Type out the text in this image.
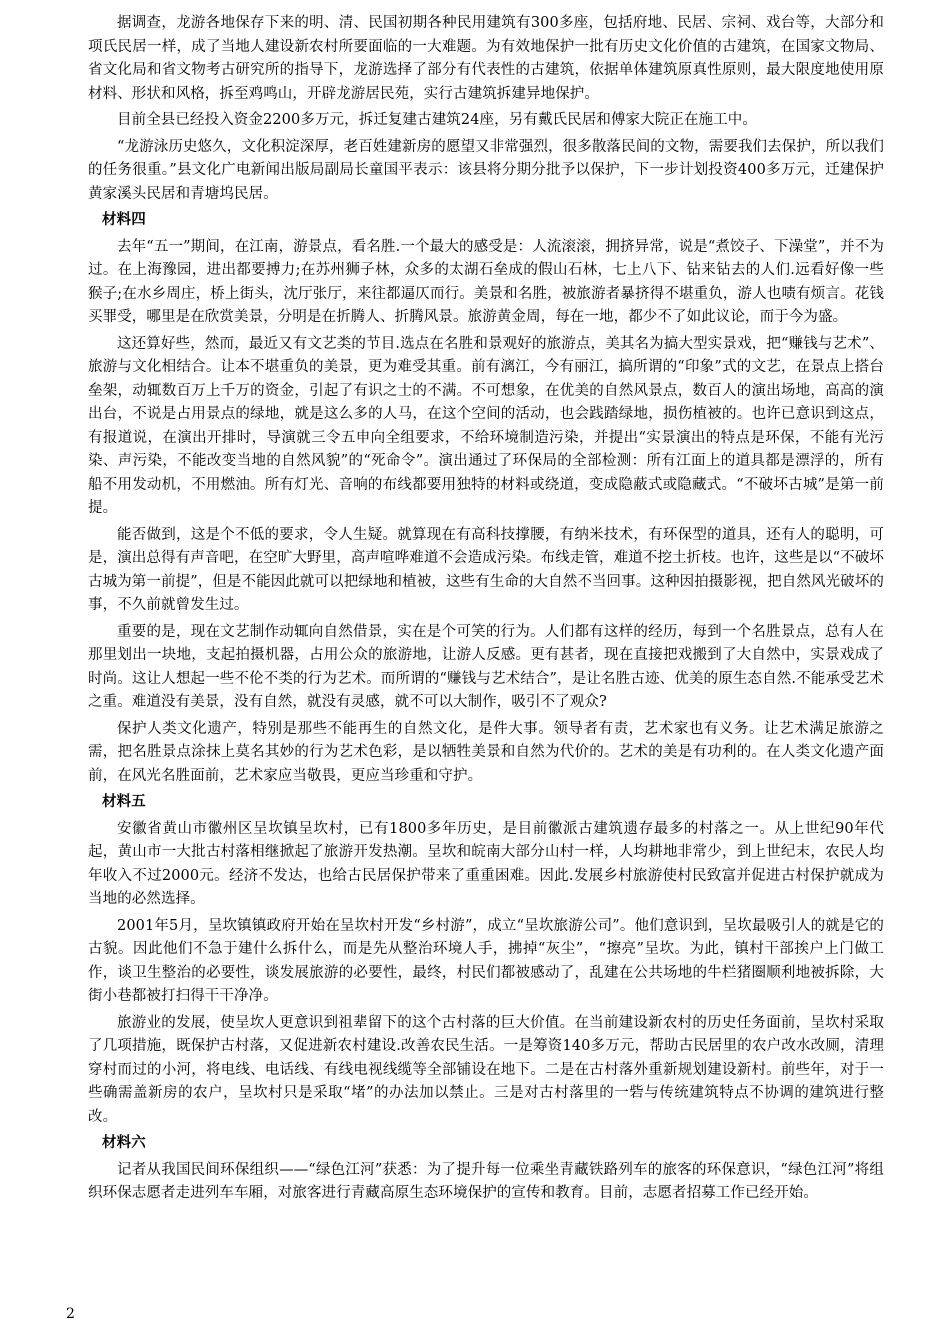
据调查，龙游各地保存下来的明、清、民国初期各种民用建筑有300多座，包括府地、民居、宗祠、戏台等，大部分和项氏民居一样，成了当地人建设新农村所要面临的一大难题。为有效地保护一批有历史文化价值的古建筑，在国家文物局、省文化局和省文物考古研究所的指导下，龙游选择了部分有代表性的古建筑，依据单体建筑原真性原则，最大限度地使用原材料、形状和风格，拆至鸡鸣山，开辟龙游居民苑，实行古建筑拆建异地保护。

目前全县已经投入资金2200多万元，拆迁复建古建筑24座，另有戴氏民居和傅家大院正在施工中。

“龙游泳历史悠久，文化积淀深厚，老百姓建新房的愿望又非常强烈，很多散落民间的文物，需要我们去保护，所以我们的任务很重。”县文化广电新闻出版局副局长童国平表示：该县将分期分批予以保护，下一步计划投资400多万元，迁建保护黄家溪头民居和青塘坞民居。

材料四

去年“五一”期间，在江南，游景点，看名胜.一个最大的感受是：人流滚滚，拥挤异常，说是“煮饺子、下澡堂”，并不为过。在上海豫园，进出都要搏力;在苏州狮子林，众多的太湖石垒成的假山石林，七上八下、钻来钻去的人们.远看好像一些猴子;在水乡周庄，桥上街头，沈厅张厅，来往都逼仄而行。美景和名胜，被旅游者暴挤得不堪重负，游人也啧有烦言。花钱买罪受，哪里是在欣赏美景，分明是在折腾人、折腾风景。旅游黄金周，每在一地，都少不了如此议论，而于今为盛。

这还算好些，然而，最近又有文艺类的节目.选点在名胜和景观好的旅游点，美其名为搞大型实景戏，把“赚钱与艺术”、旅游与文化相结合。让本不堪重负的美景，更为难受其重。前有漓江，今有丽江，搞所谓的“印象”式的文艺，在景点上搭台垒架，动辄数百万上千万的资金，引起了有识之士的不满。不可想象，在优美的自然风景点，数百人的演出场地，高高的演出台，不说是占用景点的绿地，就是这么多的人马，在这个空间的活动，也会践踏绿地，损伤植被的。也许已意识到这点，有报道说，在演出开排时，导演就三令五申向全组要求，不给环境制造污染，并提出“实景演出的特点是环保，不能有光污染、声污染，不能改变当地的自然风貌”的“死命令”。演出通过了环保局的全部检测：所有江面上的道具都是漂浮的，所有船不用发动机，不用燃油。所有灯光、音响的布线都要用独特的材料或绕道，变成隐蔽式或隐藏式。“不破坏古城”是第一前提。

能否做到，这是个不低的要求，令人生疑。就算现在有高科技撑腰，有纳米技术，有环保型的道具，还有人的聪明，可是，演出总得有声音吧，在空旷大野里，高声喧哗难道不会造成污染。布线走管，难道不挖土折枝。也许，这些是以“不破坏古城为第一前提”，但是不能因此就可以把绿地和植被，这些有生命的大自然不当回事。这种因拍摄影视，把自然风光破坏的事，不久前就曾发生过。

重要的是，现在文艺制作动辄向自然借景，实在是个可笑的行为。人们都有这样的经历，每到一个名胜景点，总有人在那里划出一块地，支起拍摄机器，占用公众的旅游地，让游人反感。更有甚者，现在直接把戏搬到了大自然中，实景戏成了时尚。这让人想起一些不伦不类的行为艺术。而所谓的“赚钱与艺术结合”，是让名胜古迹、优美的原生态自然.不能承受艺术之重。难道没有美景，没有自然，就没有灵感，就不可以大制作，吸引不了观众?

保护人类文化遗产，特别是那些不能再生的自然文化，是件大事。领导者有责，艺术家也有义务。让艺术满足旅游之需，把名胜景点涂抹上莫名其妙的行为艺术色彩，是以牺牲美景和自然为代价的。艺术的美是有功利的。在人类文化遗产面前，在风光名胜面前，艺术家应当敬畏，更应当珍重和守护。

材料五

安徽省黄山市徽州区呈坎镇呈坎村，已有1800多年历史，是目前徽派古建筑遗存最多的村落之一。从上世纪90年代起，黄山市一大批古村落相继掀起了旅游开发热潮。呈坎和皖南大部分山村一样，人均耕地非常少，到上世纪末，农民人均年收入不过2000元。经济不发达，也给古民居保护带来了重重困难。因此.发展乡村旅游使村民致富并促进古村保护就成为当地的必然选择。

2001年5月，呈坎镇镇政府开始在呈坎村开发“乡村游”，成立“呈坎旅游公司”。他们意识到，呈坎最吸引人的就是它的古貌。因此他们不急于建什么拆什么，而是先从整治环境人手，拂掉“灰尘”，“擦亮”呈坎。为此，镇村干部挨户上门做工作，谈卫生整治的必要性，谈发展旅游的必要性，最终，村民们都被感动了，乱建在公共场地的牛栏猪圈顺利地被拆除，大街小巷都被打扫得干干净净。

旅游业的发展，使呈坎人更意识到祖辈留下的这个古村落的巨大价值。在当前建设新农村的历史任务面前，呈坎村采取了几项措施，既保护古村落，又促进新农村建设.改善农民生活。一是筹资140多万元，帮助古民居里的农户改水改厕，清理穿村而过的小河，将电线、电话线、有线电视线缆等全部铺设在地下。二是在古村落外重新规划建设新村。前些年，对于一些确需盖新房的农户，呈坎村只是采取“堵”的办法加以禁止。三是对古村落里的一砦与传统建筑特点不协调的建筑进行整改。

材料六

记者从我国民间环保组织——“绿色江河”获悉：为了提升每一位乘坐青藏铁路列车的旅客的环保意识，“绿色江河”将组织环保志愿者走进列车车厢，对旅客进行青藏高原生态环境保护的宣传和教育。目前，志愿者招募工作已经开始。

2
